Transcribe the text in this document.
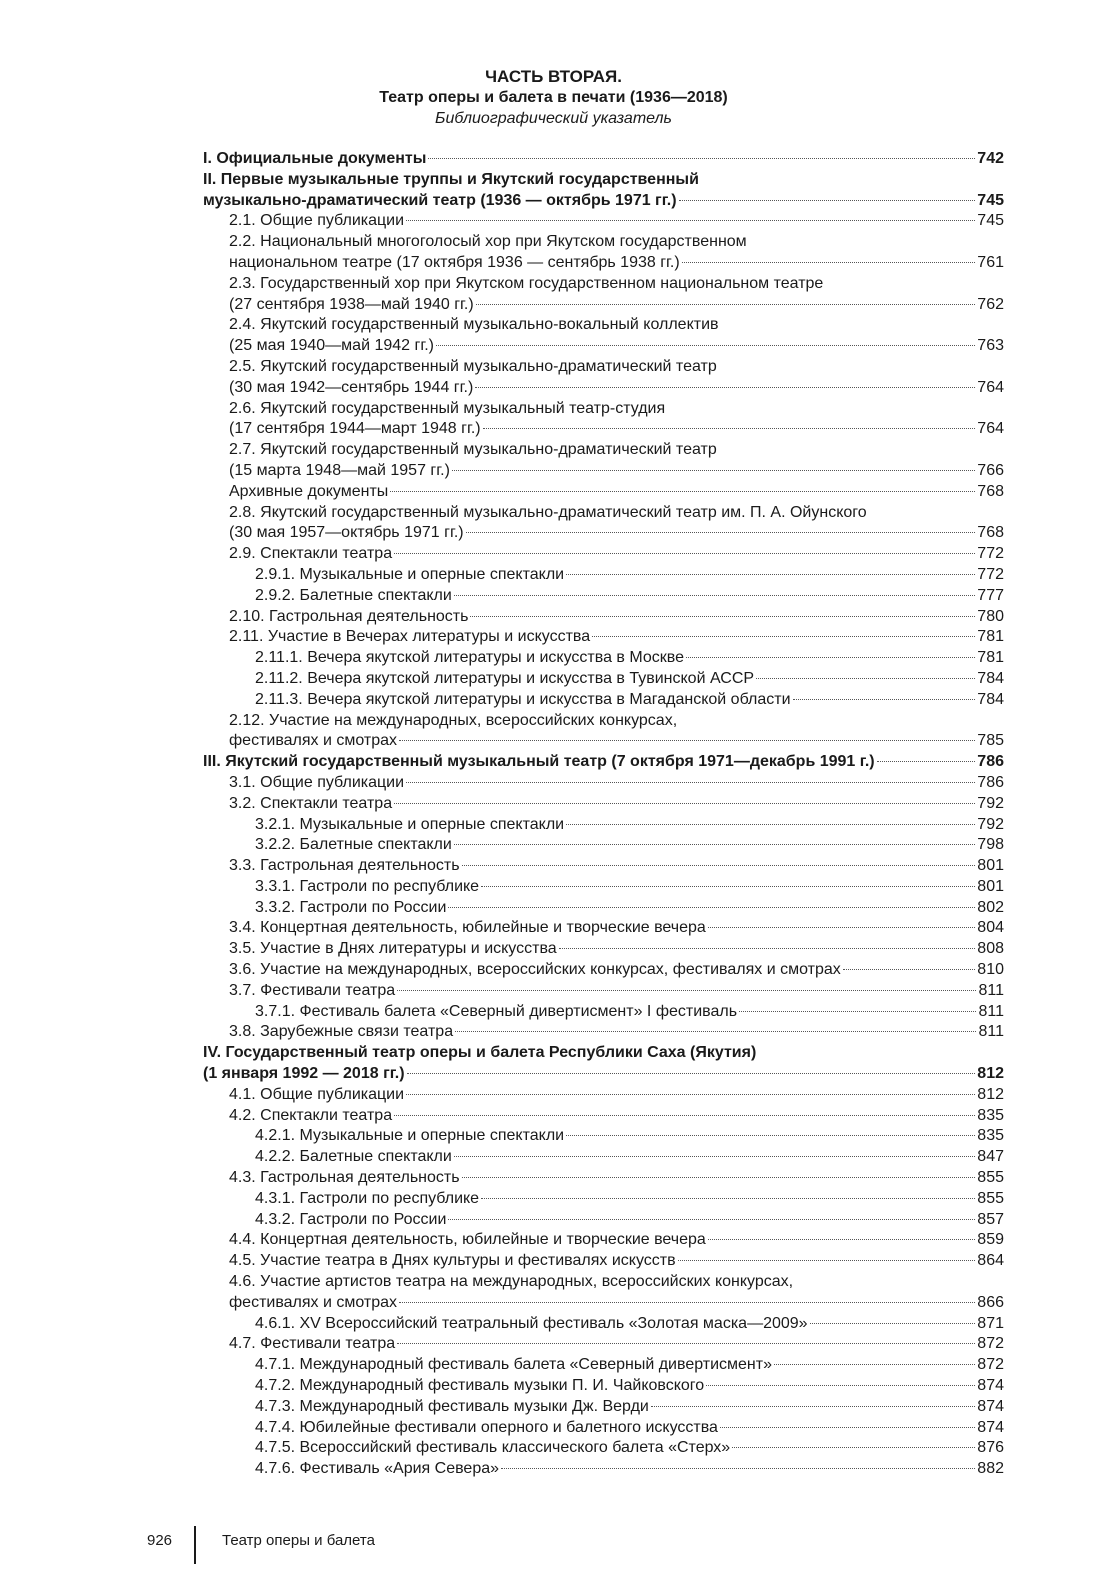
ЧАСТЬ ВТОРАЯ.
Театр оперы и балета в печати (1936—2018)
Библиографический указатель
I. Официальные документы	742
II. Первые музыкальные труппы и Якутский государственный
музыкально-драматический театр (1936 — октябрь 1971 гг.)	745
2.1. Общие публикации	745
2.2. Национальный многоголосый хор при Якутском государственном
национальном театре (17 октября 1936 — сентябрь 1938 гг.)	761
2.3. Государственный хор при Якутском государственном национальном театре
(27 сентября 1938—май 1940 гг.)	762
2.4. Якутский государственный музыкально-вокальный коллектив
(25 мая 1940—май 1942 гг.)	763
2.5. Якутский государственный музыкально-драматический театр
(30 мая 1942—сентябрь 1944 гг.)	764
2.6. Якутский государственный музыкальный театр-студия
(17 сентября 1944—март 1948 гг.)	764
2.7. Якутский государственный музыкально-драматический театр
(15 марта 1948—май 1957 гг.)	766
Архивные документы	768
2.8. Якутский государственный музыкально-драматический театр им. П. А. Ойунского
(30 мая 1957—октябрь 1971 гг.)	768
2.9. Спектакли театра	772
2.9.1. Музыкальные и оперные спектакли	772
2.9.2. Балетные спектакли	777
2.10. Гастрольная деятельность	780
2.11. Участие в Вечерах литературы и искусства	781
2.11.1. Вечера якутской литературы и искусства в Москве	781
2.11.2. Вечера якутской литературы и искусства в Тувинской АССР	784
2.11.3. Вечера якутской литературы и искусства в Магаданской области	784
2.12. Участие на международных, всероссийских конкурсах,
фестивалях и смотрах	785
III. Якутский государственный музыкальный театр (7 октября 1971—декабрь 1991 г.)	786
3.1. Общие публикации	786
3.2. Спектакли театра	792
3.2.1. Музыкальные и оперные спектакли	792
3.2.2. Балетные спектакли	798
3.3. Гастрольная деятельность	801
3.3.1. Гастроли по республике	801
3.3.2. Гастроли по России	802
3.4. Концертная деятельность, юбилейные и творческие вечера	804
3.5. Участие в Днях литературы и искусства	808
3.6. Участие на международных, всероссийских конкурсах, фестивалях и смотрах	810
3.7. Фестивали театра	811
3.7.1. Фестиваль балета «Северный дивертисмент» I фестиваль	811
3.8. Зарубежные связи театра	811
IV. Государственный театр оперы и балета Республики Саха (Якутия)
(1 января 1992 — 2018 гг.)	812
4.1. Общие публикации	812
4.2. Спектакли театра	835
4.2.1. Музыкальные и оперные спектакли	835
4.2.2. Балетные спектакли	847
4.3. Гастрольная деятельность	855
4.3.1. Гастроли по республике	855
4.3.2. Гастроли по России	857
4.4. Концертная деятельность, юбилейные и творческие вечера	859
4.5. Участие театра в Днях культуры и фестивалях искусств	864
4.6. Участие артистов театра на международных, всероссийских конкурсах,
фестивалях и смотрах	866
4.6.1. XV Всероссийский театральный фестиваль «Золотая маска—2009»	871
4.7. Фестивали театра	872
4.7.1. Международный фестиваль балета «Северный дивертисмент»	872
4.7.2. Международный фестиваль музыки П. И. Чайковского	874
4.7.3. Международный фестиваль музыки Дж. Верди	874
4.7.4. Юбилейные фестивали оперного и балетного искусства	874
4.7.5. Всероссийский фестиваль классического балета «Стерх»	876
4.7.6. Фестиваль «Ария Севера»	882
926	Театр оперы и балета
